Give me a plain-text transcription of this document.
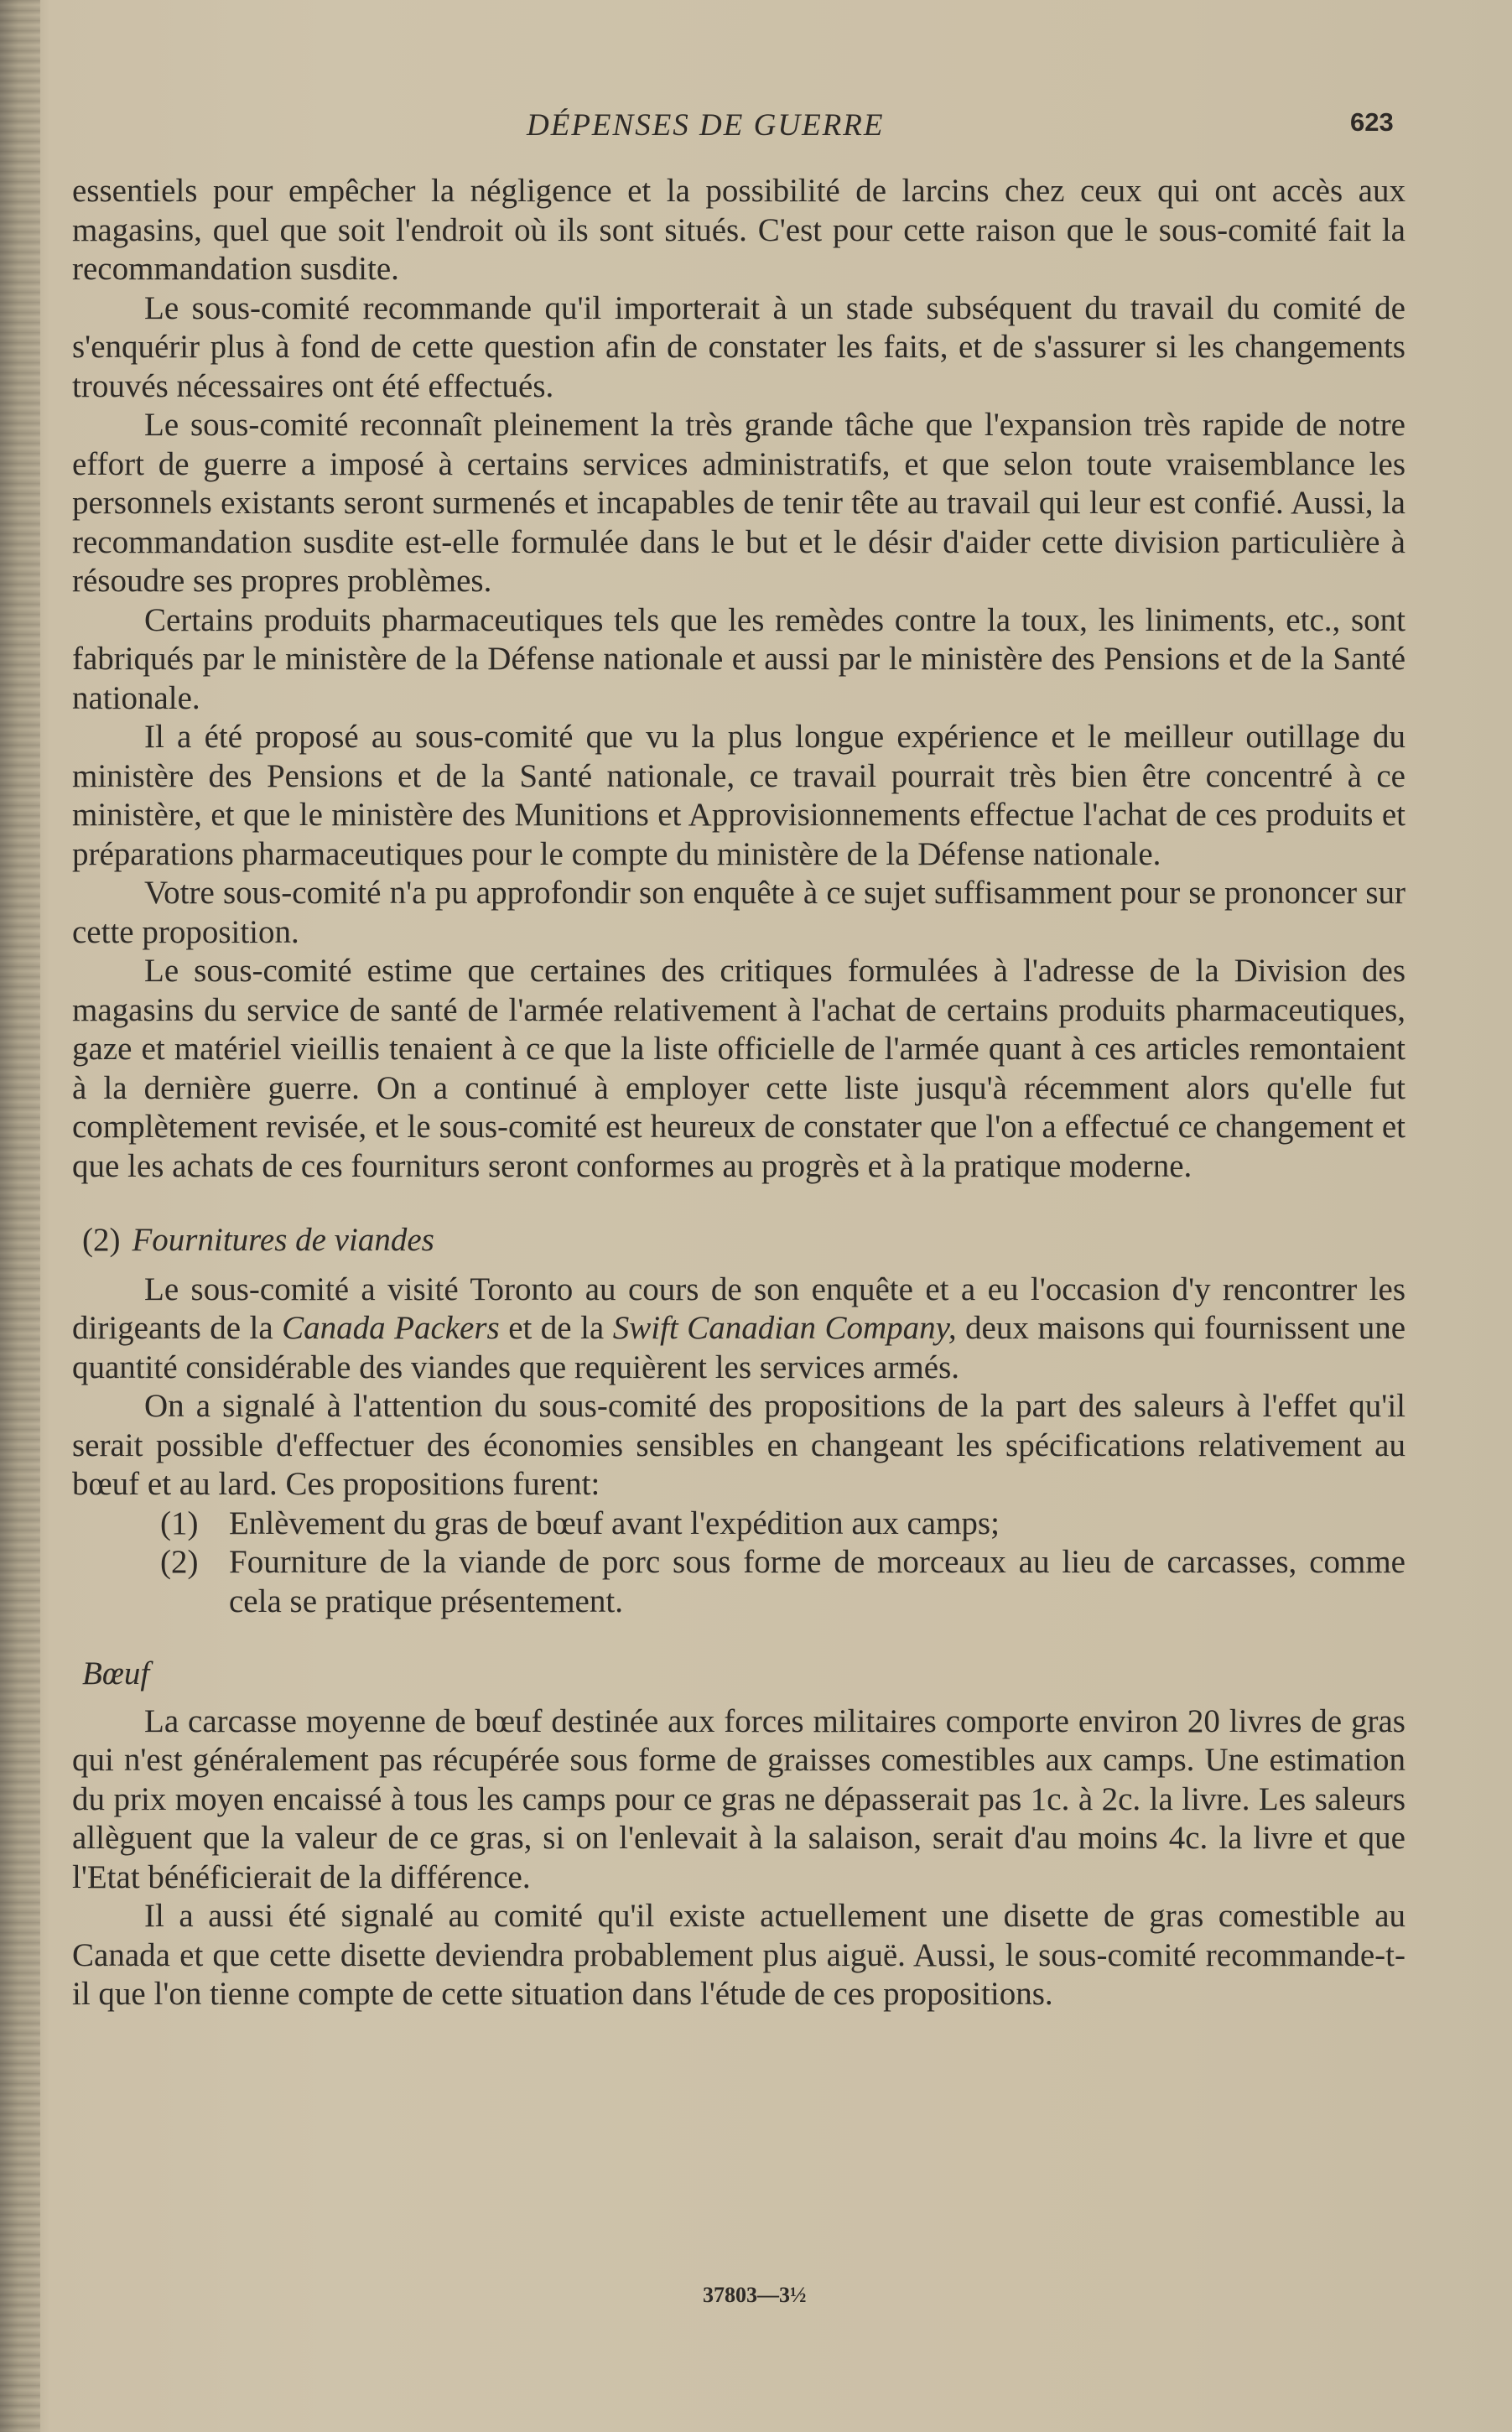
DÉPENSES DE GUERRE	623

essentiels pour empêcher la négligence et la possibilité de larcins chez ceux qui ont accès aux magasins, quel que soit l'endroit où ils sont situés. C'est pour cette raison que le sous-comité fait la recommandation susdite.

Le sous-comité recommande qu'il importerait à un stade subséquent du travail du comité de s'enquérir plus à fond de cette question afin de constater les faits, et de s'assurer si les changements trouvés nécessaires ont été effectués.

Le sous-comité reconnaît pleinement la très grande tâche que l'expansion très rapide de notre effort de guerre a imposé à certains services administratifs, et que selon toute vraisemblance les personnels existants seront surmenés et incapables de tenir tête au travail qui leur est confié. Aussi, la recommandation susdite est-elle formulée dans le but et le désir d'aider cette division particulière à résoudre ses propres problèmes.

Certains produits pharmaceutiques tels que les remèdes contre la toux, les liniments, etc., sont fabriqués par le ministère de la Défense nationale et aussi par le ministère des Pensions et de la Santé nationale.

Il a été proposé au sous-comité que vu la plus longue expérience et le meilleur outillage du ministère des Pensions et de la Santé nationale, ce travail pourrait très bien être concentré à ce ministère, et que le ministère des Munitions et Approvisionnements effectue l'achat de ces produits et préparations pharmaceutiques pour le compte du ministère de la Défense nationale.

Votre sous-comité n'a pu approfondir son enquête à ce sujet suffisamment pour se prononcer sur cette proposition.

Le sous-comité estime que certaines des critiques formulées à l'adresse de la Division des magasins du service de santé de l'armée relativement à l'achat de certains produits pharmaceutiques, gaze et matériel vieillis tenaient à ce que la liste officielle de l'armée quant à ces articles remontaient à la dernière guerre. On a continué à employer cette liste jusqu'à récemment alors qu'elle fut complètement revisée, et le sous-comité est heureux de constater que l'on a effectué ce changement et que les achats de ces fourniturs seront conformes au progrès et à la pratique moderne.

(2) Fournitures de viandes

Le sous-comité a visité Toronto au cours de son enquête et a eu l'occasion d'y rencontrer les dirigeants de la Canada Packers et de la Swift Canadian Company, deux maisons qui fournissent une quantité considérable des viandes que requièrent les services armés.

On a signalé à l'attention du sous-comité des propositions de la part des saleurs à l'effet qu'il serait possible d'effectuer des économies sensibles en changeant les spécifications relativement au bœuf et au lard. Ces propositions furent:

(1) Enlèvement du gras de bœuf avant l'expédition aux camps;
(2) Fourniture de la viande de porc sous forme de morceaux au lieu de carcasses, comme cela se pratique présentement.

Bœuf

La carcasse moyenne de bœuf destinée aux forces militaires comporte environ 20 livres de gras qui n'est généralement pas récupérée sous forme de graisses comestibles aux camps. Une estimation du prix moyen encaissé à tous les camps pour ce gras ne dépasserait pas 1c. à 2c. la livre. Les saleurs allèguent que la valeur de ce gras, si on l'enlevait à la salaison, serait d'au moins 4c. la livre et que l'Etat bénéficierait de la différence.

Il a aussi été signalé au comité qu'il existe actuellement une disette de gras comestible au Canada et que cette disette deviendra probablement plus aiguë. Aussi, le sous-comité recommande-t-il que l'on tienne compte de cette situation dans l'étude de ces propositions.

37803—3½
